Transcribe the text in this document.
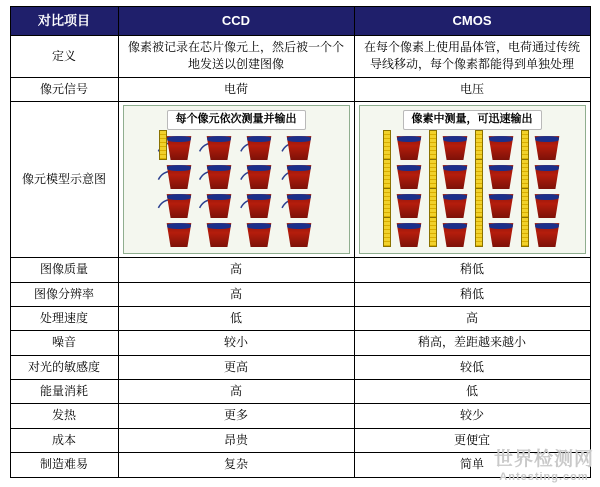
对比项目	CCD	CMOS
定义	像素被记录在芯片像元上，然后被一个个地发送以创建图像	在每个像素上使用晶体管，电荷通过传统导线移动，每个像素都能得到单独处理
像元信号	电荷	电压
像元模型示意图	每个像元依次测量并输出	像素中测量，可迅速输出

图像质量	高	稍低
图像分辨率	高	稍低
处理速度	低	高
噪音	较小	稍高，差距越来越小
对光的敏感度	更高	较低
能量消耗	高	低
发热	更多	较少
成本	昂贵	更便宜
制造难易	复杂	简单 世界检测网
Antesting.com
